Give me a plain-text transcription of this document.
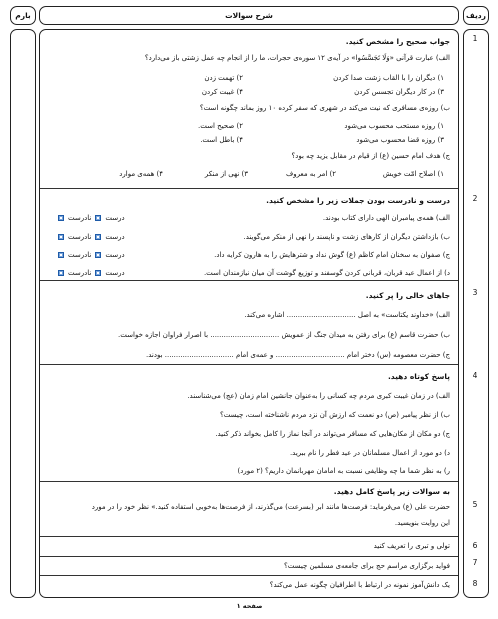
ردیف
شرح سوالات
بارم
1
2
3
4
5
6
7
8
جواب صحیح را مشخص کنید.
الف) عبارت قرآنی «وَلَا تَجَسَّسُوا» در آیه‌ی ۱۲ سوره‌ی حجرات، ما را از انجام چه عمل زشتی باز می‌دارد؟
۱) دیگران را با القاب زشت صدا کردن
۲) تهمت زدن
۳) در کار دیگران تجسس کردن
۴) غیبت کردن
ب) روزه‌ی مسافری که نیت می‌کند در شهری که سفر کرده ۱۰ روز بماند چگونه است؟
۱) روزه مستحب محسوب می‌شود
۲) صحیح است.
۳) روزه قضا محسوب می‌شود
۴) باطل است.
ج) هدف امام حسین (ع) از قیام در مقابل یزید چه بود؟
۱) اصلاح امّت خویش
۲) امر به معروف
۳) نهی از منکر
۴) همه‌ی موارد
درست و نادرست بودن جملات زیر را مشخص کنید.
الف) همه‌ی پیامبران الهی دارای کتاب بودند.
درست
نادرست
ب) بازداشتن دیگران از کارهای زشت و ناپسند را نهی از منکر می‌گویند.
درست
نادرست
ج) صفوان به سخنان امام کاظم (ع) گوش نداد و شترهایش را به هارون کرایه داد.
درست
نادرست
د) از اعمال عید قربان، قربانی کردن گوسفند و توزیع گوشت آن میان نیازمندان است.
درست
نادرست
جاهای خالی را پر کنید.
الف) «خداوند یکتاست» به اصل ............................... اشاره می‌کند.
ب) حضرت قاسم (ع) برای رفتن به میدان جنگ از عمویش ............................... با اصرار فراوان اجازه خواست.
ج) حضرت معصومه (س) دختر امام ............................... و عمه‌ی امام ............................... بودند.
پاسخ کوتاه دهید.
الف) در زمان غیبت کبری مردم چه کسانی را به‌عنوان جانشین امام زمان (عج) می‌شناسند.
ب) از نظر پیامبر (ص) دو نعمت که ارزش آن نزد مردم ناشناخته است، چیست؟
ج) دو مکان از مکان‌هایی که مسافر می‌تواند در آنجا نماز را کامل بخواند ذکر کنید.
د) دو مورد از اعمال مسلمانان در عید فطر را نام ببرید.
ر) به نظر شما ما چه وظایفی نسبت به امامان مهربانمان داریم؟ (۲ مورد)
به سوالات زیر پاسخ کامل دهید.
حضرت علی (ع) می‌فرماید: فرصت‌ها مانند ابر (بسرعت) می‌گذرند، از فرصت‌ها به‌خوبی استفاده کنید.» نظر خود را در مورد
این روایت بنویسید.
تولی و تبری را تعریف کنید
فواید برگزاری مراسم حج برای جامعه‌ی مسلمین چیست؟
یک دانش‌آموز نمونه در ارتباط با اطرافیان چگونه عمل می‌کند؟
صفحه ۱
